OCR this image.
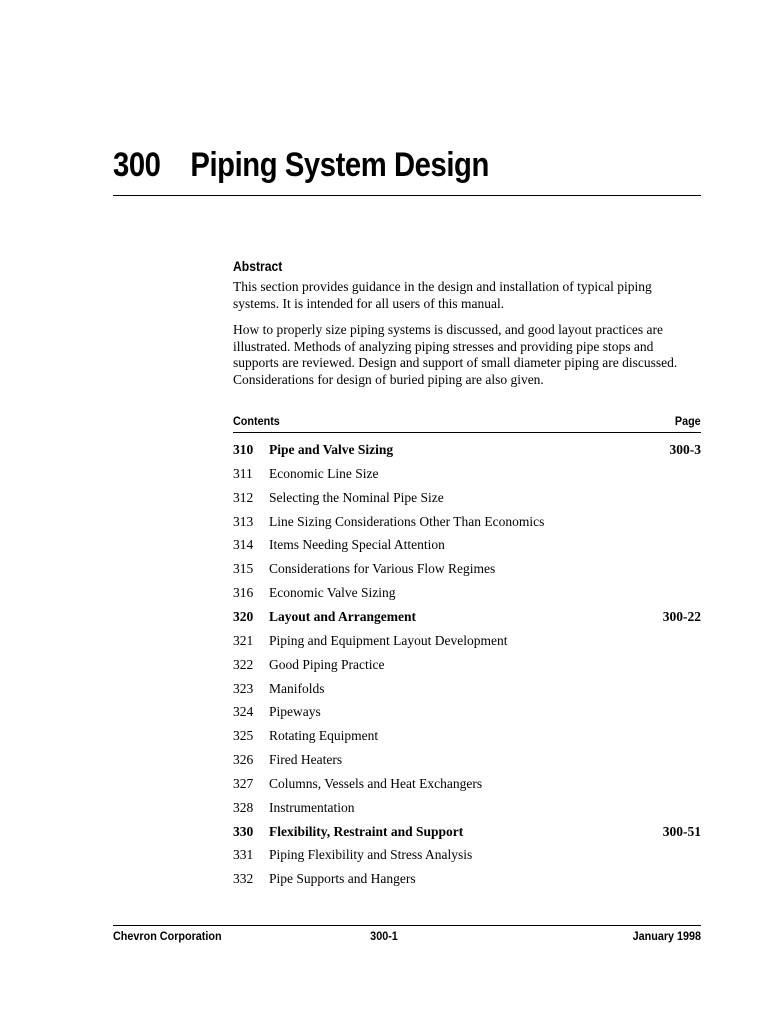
300 Piping System Design
Abstract
This section provides guidance in the design and installation of typical piping systems. It is intended for all users of this manual.
How to properly size piping systems is discussed, and good layout practices are illustrated. Methods of analyzing piping stresses and providing pipe stops and supports are reviewed. Design and support of small diameter piping are discussed. Considerations for design of buried piping are also given.
Contents	Page
310 Pipe and Valve Sizing	300-3
311 Economic Line Size
312 Selecting the Nominal Pipe Size
313 Line Sizing Considerations Other Than Economics
314 Items Needing Special Attention
315 Considerations for Various Flow Regimes
316 Economic Valve Sizing
320 Layout and Arrangement	300-22
321 Piping and Equipment Layout Development
322 Good Piping Practice
323 Manifolds
324 Pipeways
325 Rotating Equipment
326 Fired Heaters
327 Columns, Vessels and Heat Exchangers
328 Instrumentation
330 Flexibility, Restraint and Support	300-51
331 Piping Flexibility and Stress Analysis
332 Pipe Supports and Hangers
Chevron Corporation	300-1	January 1998
